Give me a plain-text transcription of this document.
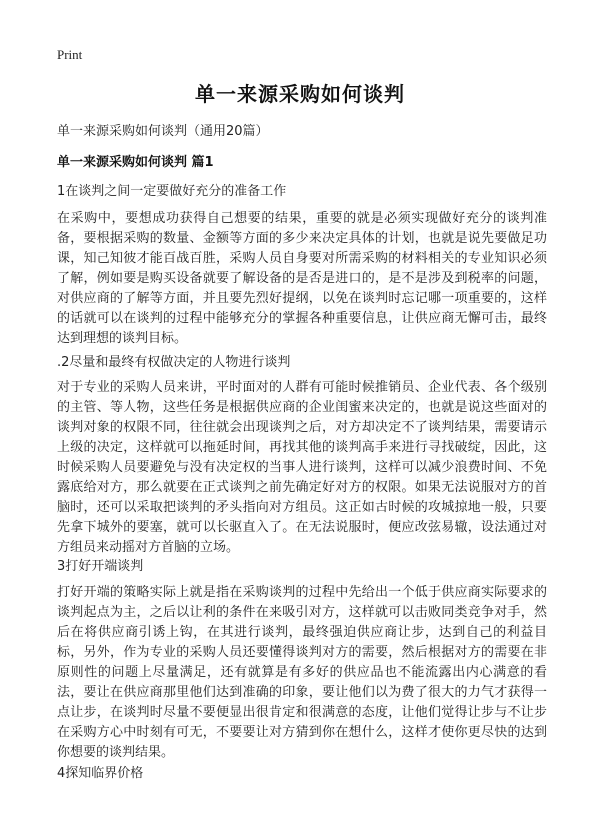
Print
单一来源采购如何谈判
单一来源采购如何谈判（通用20篇）
单一来源采购如何谈判 篇1
1在谈判之间一定要做好充分的准备工作
在采购中，要想成功获得自己想要的结果，重要的就是必须实现做好充分的谈判准备，要根据采购的数量、金额等方面的多少来决定具体的计划，也就是说先要做足功课，知己知彼才能百战百胜，采购人员自身要对所需采购的材料相关的专业知识必须了解，例如要是购买设备就要了解设备的是否是进口的，是不是涉及到税率的问题，对供应商的了解等方面，并且要先烈好提纲，以免在谈判时忘记哪一项重要的，这样的话就可以在谈判的过程中能够充分的掌握各种重要信息，让供应商无懈可击，最终达到理想的谈判目标。
.2尽量和最终有权做决定的人物进行谈判
对于专业的采购人员来讲，平时面对的人群有可能时候推销员、企业代表、各个级别的主管、等人物，这些任务是根据供应商的企业闺蜜来决定的，也就是说这些面对的谈判对象的权限不同，往往就会出现谈判之后，对方却决定不了谈判结果，需要请示上级的决定，这样就可以拖延时间，再找其他的谈判高手来进行寻找破绽，因此，这时候采购人员要避免与没有决定权的当事人进行谈判，这样可以减少浪费时间、不免露底给对方，那么就要在正式谈判之前先确定好对方的权限。如果无法说服对方的首脑时，还可以采取把谈判的矛头指向对方组员。这正如古时候的攻城掠地一般，只要先拿下城外的要塞，就可以长驱直入了。在无法说服时，便应改弦易辙，设法通过对方组员来动摇对方首脑的立场。
3打好开端谈判
打好开端的策略实际上就是指在采购谈判的过程中先给出一个低于供应商实际要求的谈判起点为主，之后以让利的条件在来吸引对方，这样就可以击败同类竞争对手，然后在将供应商引诱上钩，在其进行谈判，最终强迫供应商让步，达到自己的利益目标，另外，作为专业的采购人员还要懂得谈判对方的需要，然后根据对方的需要在非原则性的问题上尽量满足，还有就算是有多好的供应品也不能流露出内心满意的看法，要让在供应商那里他们达到准确的印象，要让他们以为费了很大的力气才获得一点让步，在谈判时尽量不要便显出很肯定和很满意的态度，让他们觉得让步与不让步在采购方心中时刻有可无，不要要让对方猜到你在想什么，这样才使你更尽快的达到你想要的谈判结果。
4探知临界价格
